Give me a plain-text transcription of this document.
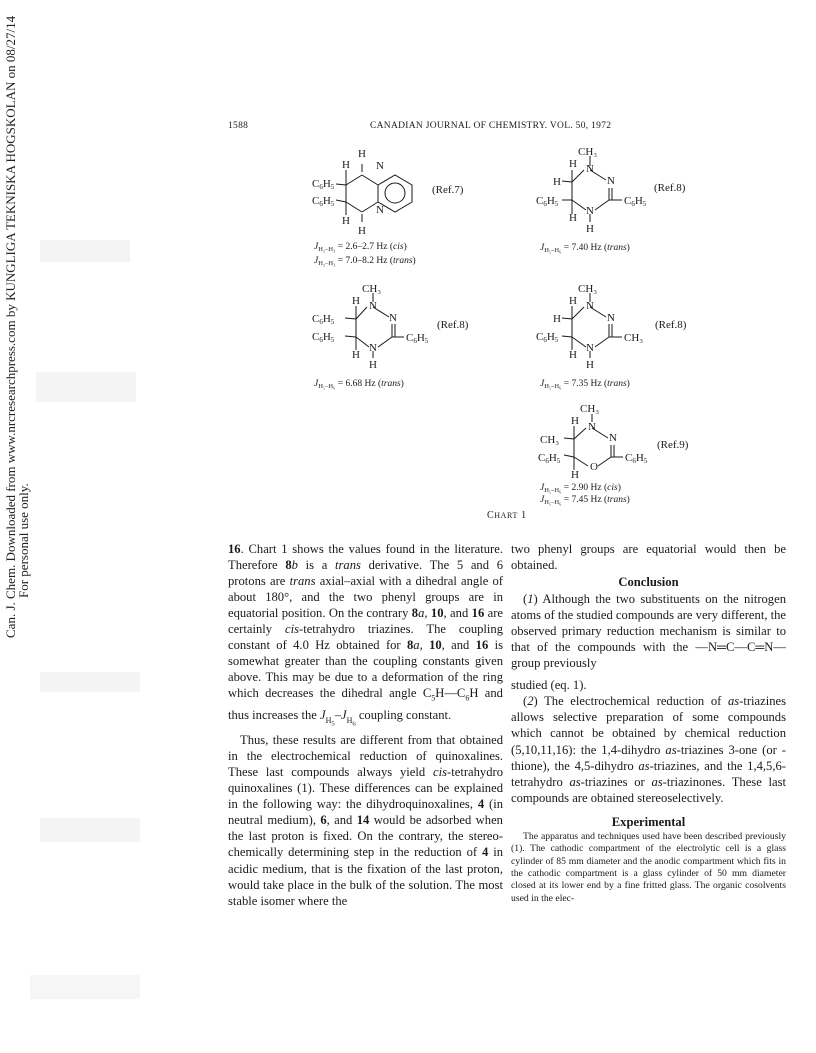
Can. J. Chem. Downloaded from www.nrcresearchpress.com by KUNGLIGA TEKNISKA HOGSKOLAN on 08/27/14
For personal use only.
1588	CANADIAN JOURNAL OF CHEMISTRY. VOL. 50, 1972
H
H N
C6H5
C6H5	N
H
H
(Ref.7)
$J_{H_2-H_3} = 2.6-2.7$ Hz (cis)
$J_{H_2-H_3} = 7.0-8.2$ Hz (trans)
CH₃
H N
N
H
C6H5	C6H5
N
H
H
(Ref.8)
$J_{H_5-H_6} = 7.40$ Hz (trans)
CH₃
H N
N
C6H5
C6H5	C6H5
N
H
H
(Ref.8)
$J_{H_5-H_6} = 6.68$ Hz (trans)
CH₃
H N
N
H
C6H5	CH₃
N
H
H
(Ref.8)
$J_{H_5-H_6} = 7.35$ Hz (trans)
CH₃
H N
N
CH₃
C6H5	C6H5
O
H
(Ref.9)
$J_{H_5-H_6} = 2.90$ Hz (cis)
$J_{H_5-H_6} = 7.45$ Hz (trans)
CHART 1

16. Chart 1 shows the values found in the literature. Therefore 8b is a trans derivative. The 5 and 6 protons are trans axial–axial with a dihedral angle of about 180°, and the two phenyl groups are in equatorial position. On the contrary 8a, 10, and 16 are certainly cis-tetrahydro triazines. The coupling constant of 4.0 Hz obtained for 8a, 10, and 16 is somewhat greater than the coupling constants given above. This may be due to a deformation of the ring which decreases the dihedral angle $C_5H—C_6H$ and thus increases the $J_{H_5}-J_{H_6}$ coupling constant.

Thus, these results are different from that obtained in the electrochemical reduction of quinoxalines. These last compounds always yield cis-tetrahydro quinoxalines (1). These differences can be explained in the following way: the dihydroquinoxalines, 4 (in neutral medium), 6, and 14 would be adsorbed when the last proton is fixed. On the contrary, the stereo-chemically determining step in the reduction of 4 in acidic medium, that is the fixation of the last proton, would take place in the bulk of the solution. The most stable isomer where the

two phenyl groups are equatorial would then be obtained.

Conclusion

(1) Although the two substituents on the nitrogen atoms of the studied compounds are very different, the observed primary reduction mechanism is similar to that of the compounds with the —N═C—C═N— group previously

studied (eq. 1).

(2) The electrochemical reduction of as-triazines allows selective preparation of some compounds which cannot be obtained by chemical reduction (5,10,11,16): the 1,4-dihydro as-triazines 3-one (or -thione), the 4,5-dihydro as-triazines, and the 1,4,5,6-tetrahydro as-triazines or as-triazinones. These last compounds are obtained stereoselectively.

Experimental

The apparatus and techniques used have been described previously (1). The cathodic compartment of the electrolytic cell is a glass cylinder of 85 mm diameter and the anodic compartment which fits in the cathodic compartment is a glass cylinder of 50 mm diameter closed at its lower end by a fine fritted glass. The organic cosolvents used in the elec-
